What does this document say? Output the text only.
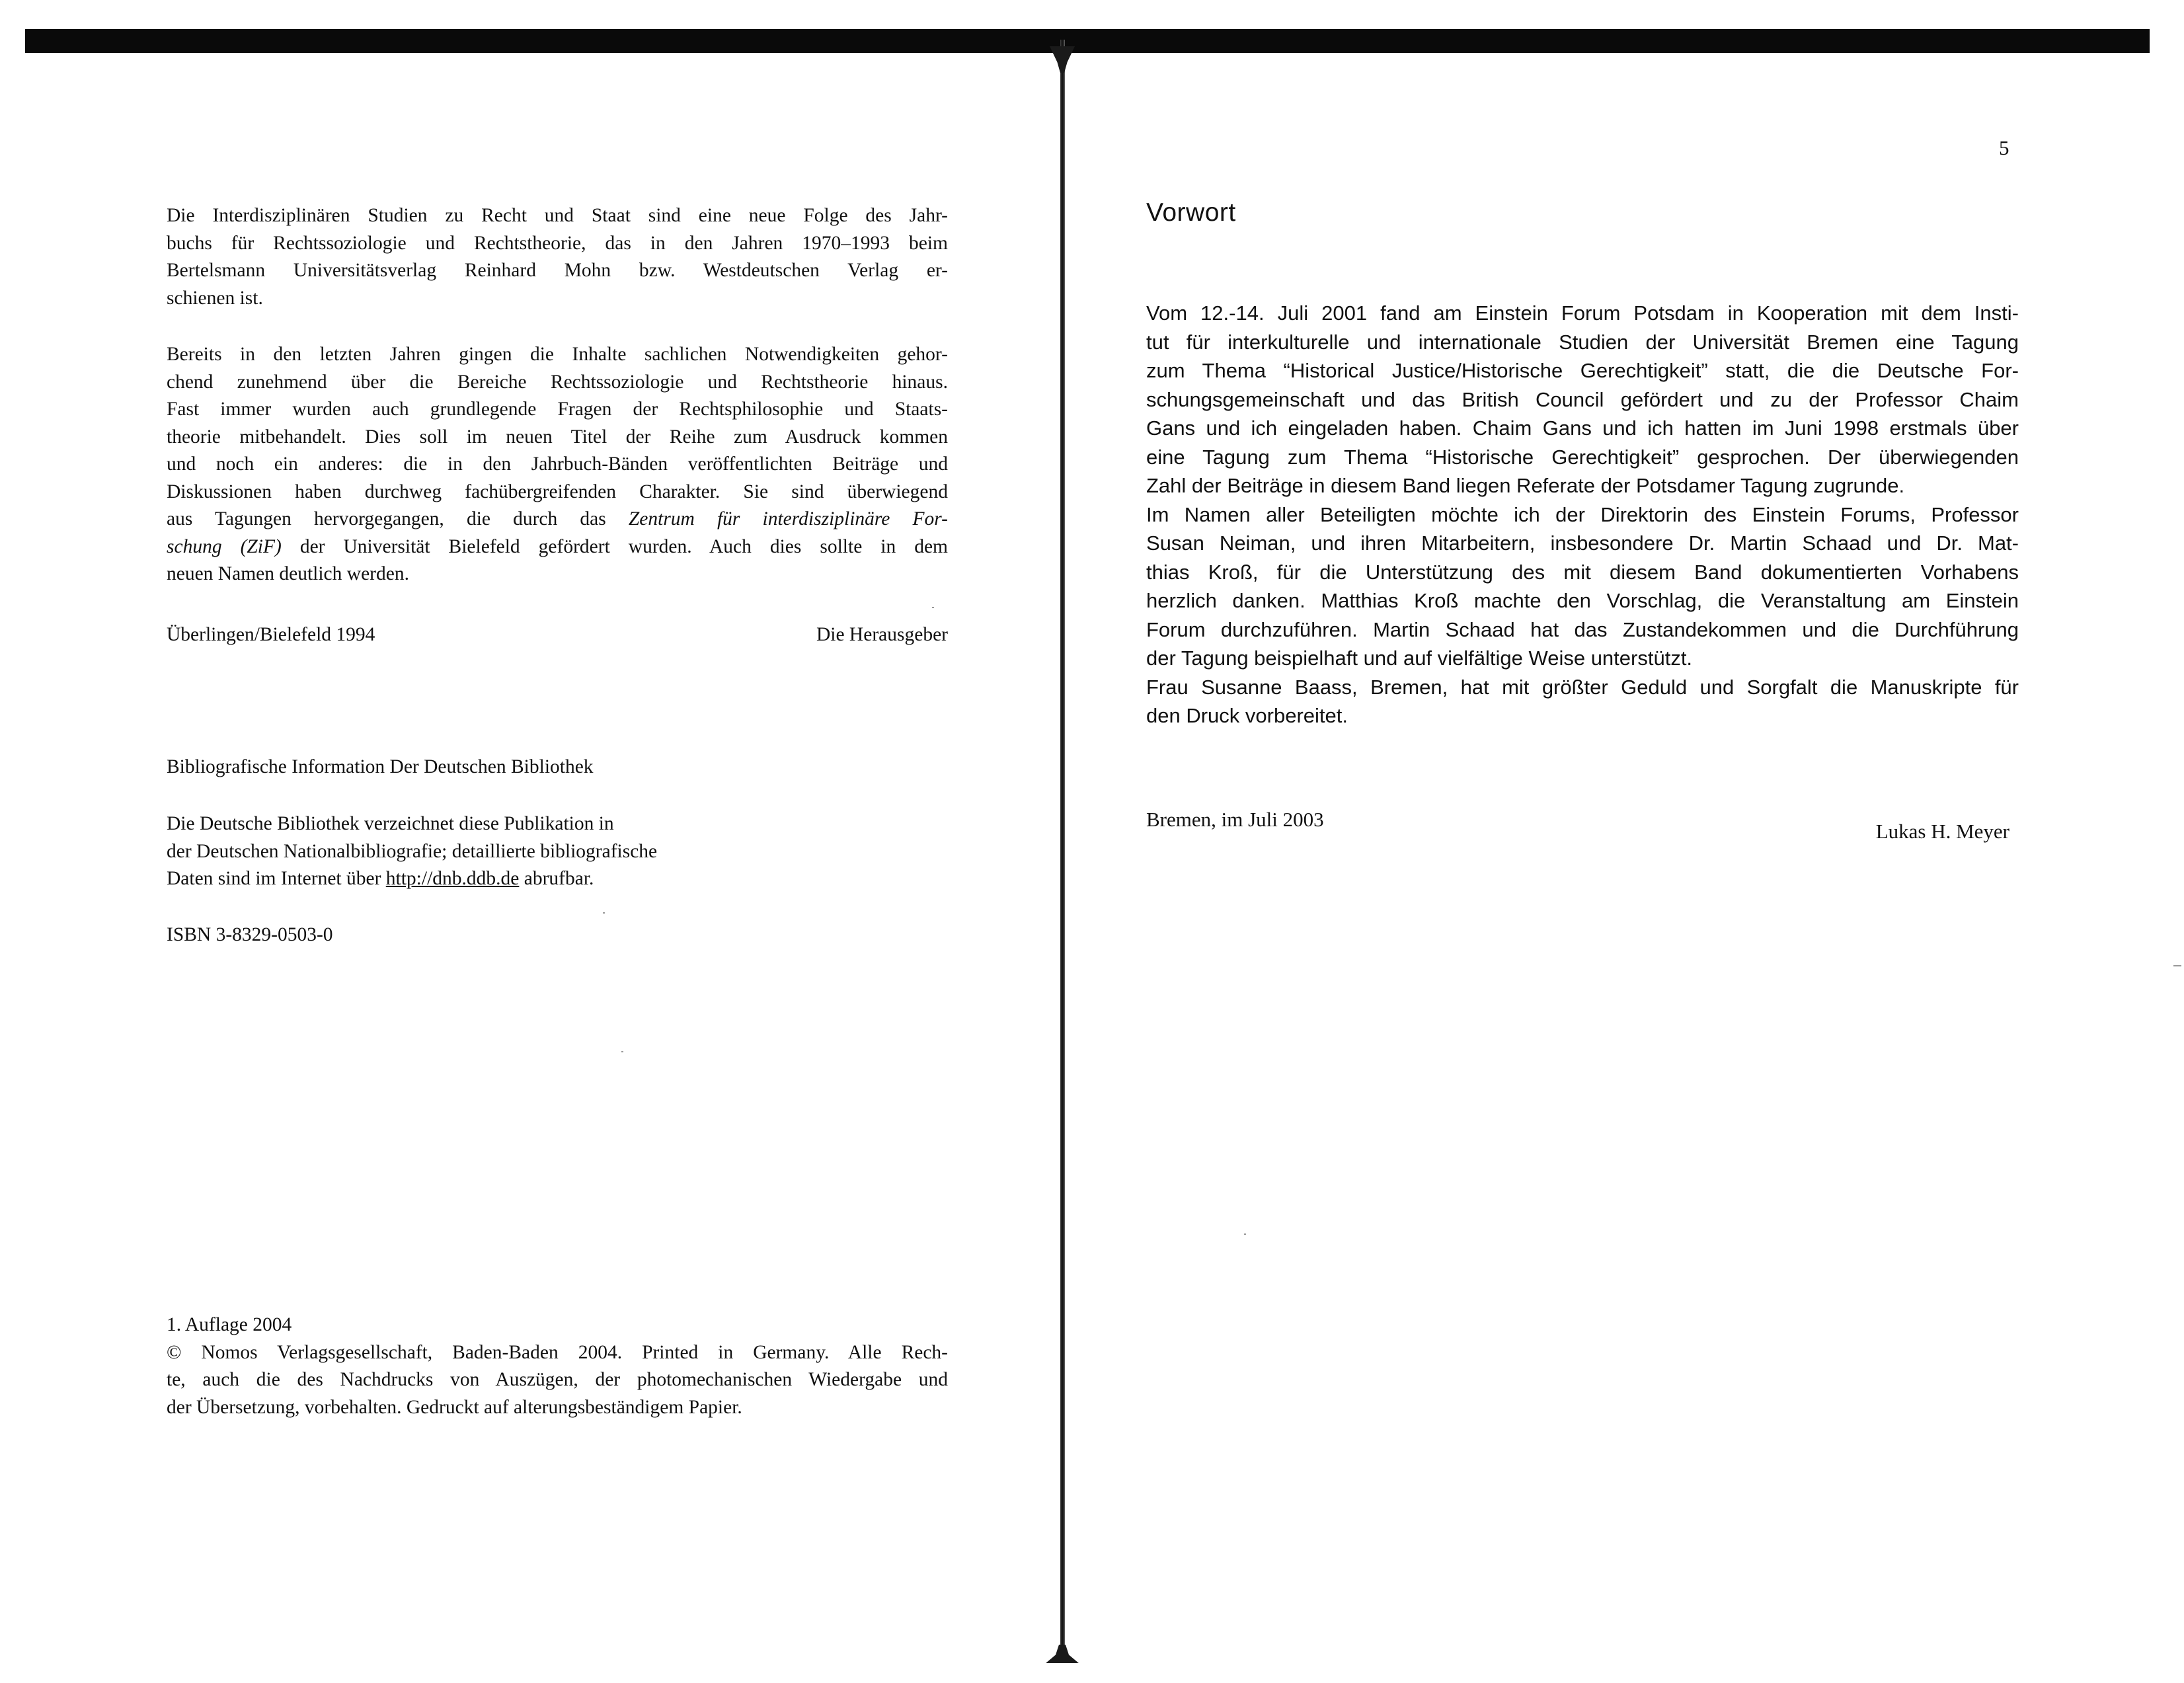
Die Interdisziplinären Studien zu Recht und Staat sind eine neue Folge des Jahr-
buchs für Rechtssoziologie und Rechtstheorie, das in den Jahren 1970–1993 beim
Bertelsmann Universitätsverlag Reinhard Mohn bzw. Westdeutschen Verlag er-
schienen ist.
Bereits in den letzten Jahren gingen die Inhalte sachlichen Notwendigkeiten gehor-
chend zunehmend über die Bereiche Rechtssoziologie und Rechtstheorie hinaus.
Fast immer wurden auch grundlegende Fragen der Rechtsphilosophie und Staats-
theorie mitbehandelt. Dies soll im neuen Titel der Reihe zum Ausdruck kommen
und noch ein anderes: die in den Jahrbuch-Bänden veröffentlichten Beiträge und
Diskussionen haben durchweg fachübergreifenden Charakter. Sie sind überwiegend
aus Tagungen hervorgegangen, die durch das Zentrum für interdisziplinäre For-
schung (ZiF) der Universität Bielefeld gefördert wurden. Auch dies sollte in dem
neuen Namen deutlich werden.
Überlingen/Bielefeld 1994	Die Herausgeber
Bibliografische Information Der Deutschen Bibliothek
Die Deutsche Bibliothek verzeichnet diese Publikation in
der Deutschen Nationalbibliografie; detaillierte bibliografische
Daten sind im Internet über http://dnb.ddb.de abrufbar.
ISBN 3-8329-0503-0
1. Auflage 2004
© Nomos Verlagsgesellschaft, Baden-Baden 2004. Printed in Germany. Alle Rech-
te, auch die des Nachdrucks von Auszügen, der photomechanischen Wiedergabe und
der Übersetzung, vorbehalten. Gedruckt auf alterungsbeständigem Papier.
5
Vorwort
Vom 12.-14. Juli 2001 fand am Einstein Forum Potsdam in Kooperation mit dem Insti-
tut für interkulturelle und internationale Studien der Universität Bremen eine Tagung
zum Thema “Historical Justice/Historische Gerechtigkeit” statt, die die Deutsche For-
schungsgemeinschaft und das British Council gefördert und zu der Professor Chaim
Gans und ich eingeladen haben. Chaim Gans und ich hatten im Juni 1998 erstmals über
eine Tagung zum Thema “Historische Gerechtigkeit” gesprochen. Der überwiegenden
Zahl der Beiträge in diesem Band liegen Referate der Potsdamer Tagung zugrunde.
Im Namen aller Beteiligten möchte ich der Direktorin des Einstein Forums, Professor
Susan Neiman, und ihren Mitarbeitern, insbesondere Dr. Martin Schaad und Dr. Mat-
thias Kroß, für die Unterstützung des mit diesem Band dokumentierten Vorhabens
herzlich danken. Matthias Kroß machte den Vorschlag, die Veranstaltung am Einstein
Forum durchzuführen. Martin Schaad hat das Zustandekommen und die Durchführung
der Tagung beispielhaft und auf vielfältige Weise unterstützt.
Frau Susanne Baass, Bremen, hat mit größter Geduld und Sorgfalt die Manuskripte für
den Druck vorbereitet.
Bremen, im Juli 2003
Lukas H. Meyer
